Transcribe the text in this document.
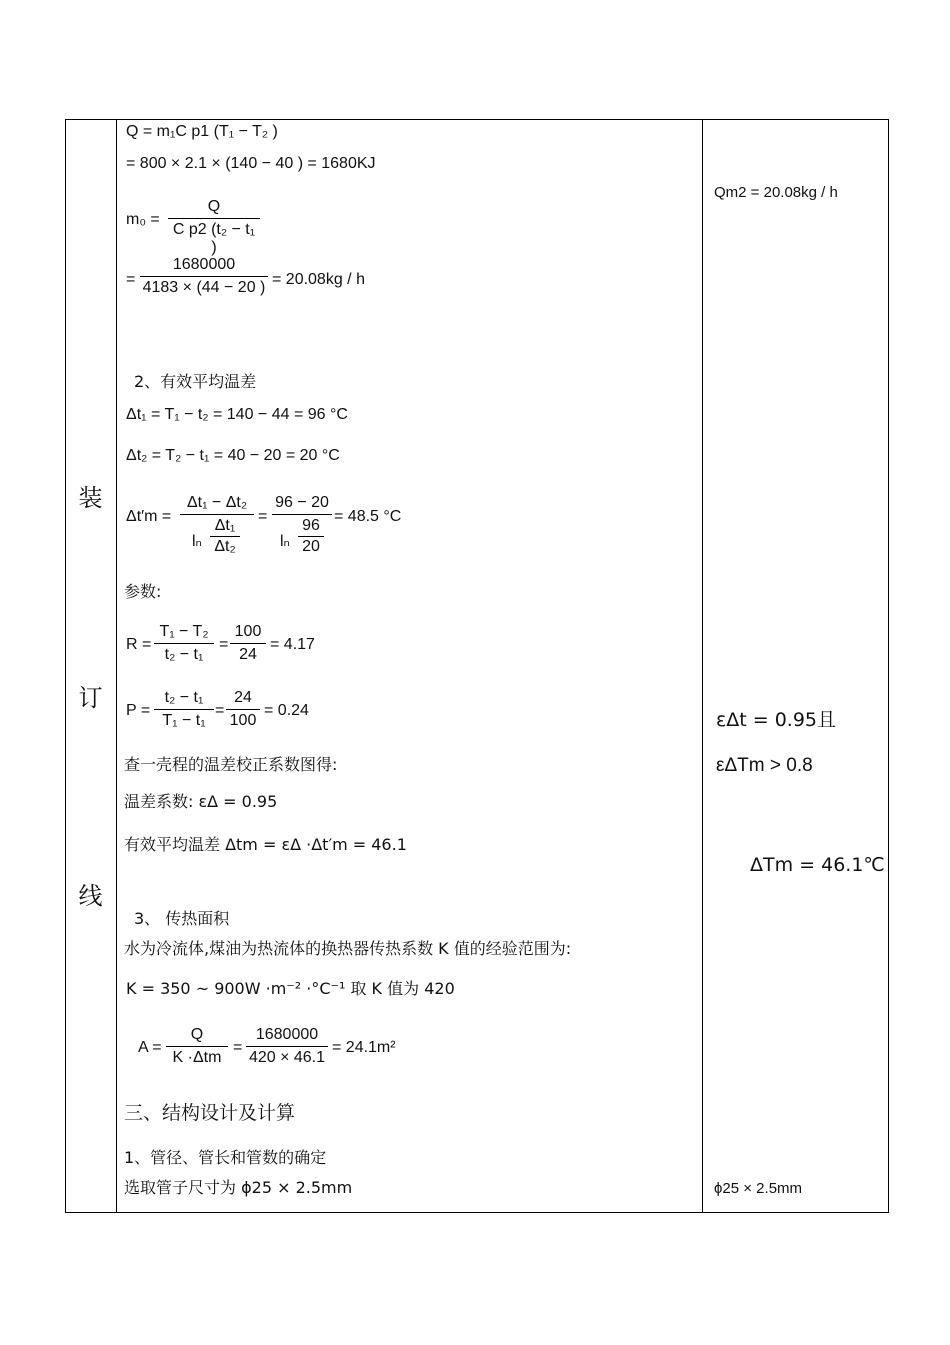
装
订
线
Q = m₁C p1 (T₁ − T₂ )
= 800 × 2.1 × (140 − 40 ) = 1680KJ
m₀ =
Q
C p2 (t₂ − t₁ )
=
1680000
4183 × (44 − 20 ) = 20.08kg / h
2、有效平均温差
Δt₁ = T₁ − t₂ = 140 − 44 = 96 °C
Δt₂ = T₂ − t₁ = 40 − 20 = 20 °C
Δt′m =
Δt₁ − Δt₂
lₙ
Δt₁
Δt₂
=
96 − 20
lₙ
96
20
= 48.5 °C
参数:
R =
T₁ − T₂
t₂ − t₁
=
100
24
= 4.17
P =
t₂ − t₁
T₁ − t₁
=
24
100
= 0.24
查一壳程的温差校正系数图得:
温差系数: εΔ = 0.95
有效平均温差 Δtm = εΔ ·Δt′m = 46.1
3、 传热面积
水为冷流体,煤油为热流体的换热器传热系数 K 值的经验范围为:
K = 350 ~ 900W ·m⁻² ·°C⁻¹ 取 K 值为 420
A =
Q
K ·Δtm
=
1680000
420 × 46.1
= 24.1m²
三、结构设计及计算
1、管径、管长和管数的确定
选取管子尺寸为 ϕ25 × 2.5mm
Qm2 = 20.08kg / h
εΔt = 0.95且
εΔTm > 0.8
ΔTm = 46.1℃
ϕ25 × 2.5mm
